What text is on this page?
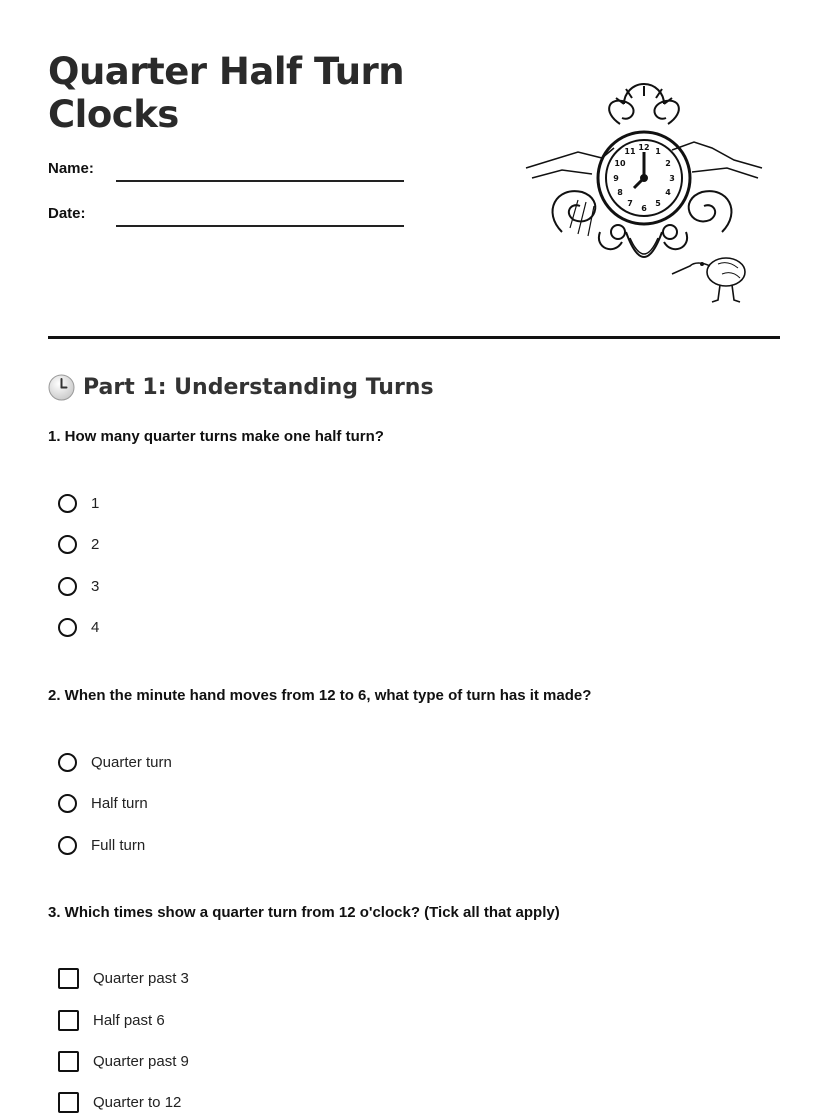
Quarter Half Turn
Clocks
Name:
Date:
12 1
2
3
4
5
6
7
8
9
10
11
Part 1: Understanding Turns

1. How many quarter turns make one half turn?

1
2
3
4

2. When the minute hand moves from 12 to 6, what type of turn has it made?

Quarter turn
Half turn
Full turn

3. Which times show a quarter turn from 12 o'clock? (Tick all that apply)

Quarter past 3
Half past 6
Quarter past 9
Quarter to 12
